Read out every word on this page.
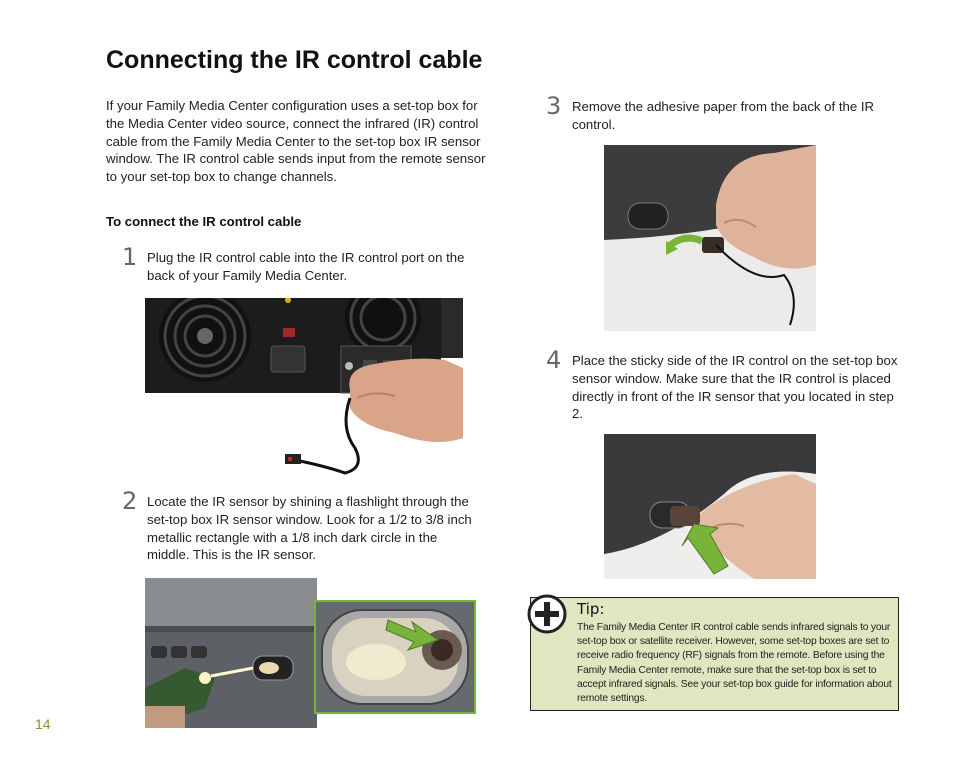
Connecting the IR control cable
If your Family Media Center configuration uses a set-top box for the Media Center video source, connect the infrared (IR) control cable from the Family Media Center to the set-top box IR sensor window. The IR control cable sends input from the remote sensor to your set-top box to change channels.
To connect the IR control cable
1 Plug the IR control cable into the IR control port on the back of your Family Media Center.
2 Locate the IR sensor by shining a flashlight through the set-top box IR sensor window. Look for a 1/2 to 3/8 inch metallic rectangle with a 1/8 inch dark circle in the middle. This is the IR sensor.
3 Remove the adhesive paper from the back of the IR control.
4 Place the sticky side of the IR control on the set-top box sensor window. Make sure that the IR control is placed directly in front of the IR sensor that you located in step 2.
Tip:
The Family Media Center IR control cable sends infrared signals to your set-top box or satellite receiver. However, some set-top boxes are set to receive radio frequency (RF) signals from the remote. Before using the Family Media Center remote, make sure that the set-top box is set to accept infrared signals. See your set-top box guide for information about remote settings.
14
